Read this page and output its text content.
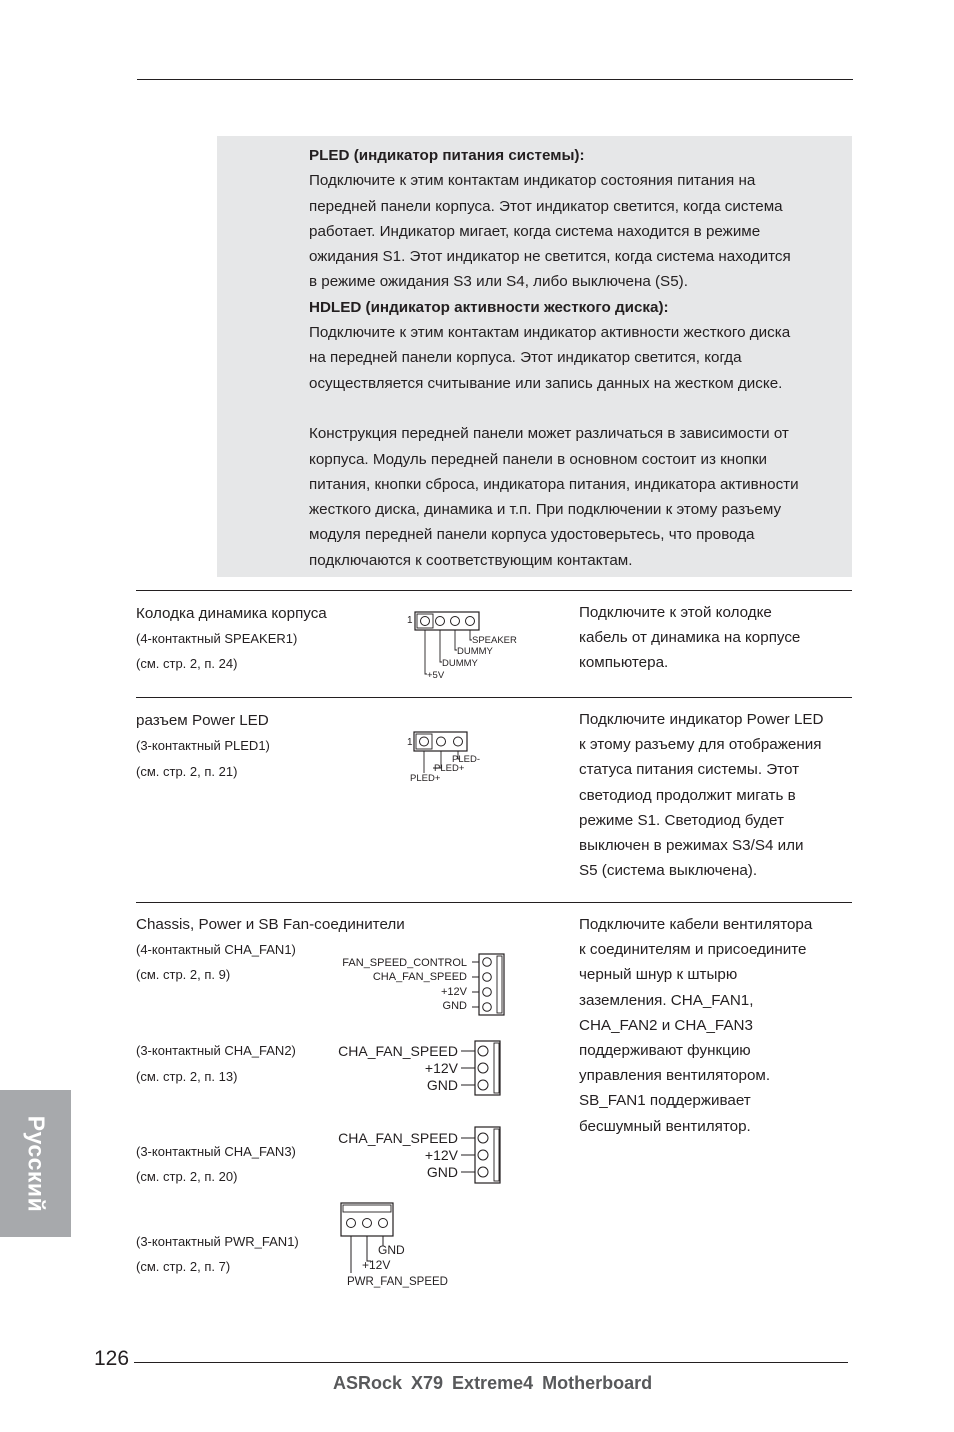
PLED (индикатор питания системы):

Подключите к этим контактам индикатор состояния питания на

передней панели корпуса. Этот индикатор светится, когда система

работает. Индикатор мигает, когда система находится в режиме

ожидания S1. Этот индикатор не светится, когда система находится

в режиме ожидания S3 или S4, либо выключена (S5).

HDLED (индикатор активности жесткого диска):

Подключите к этим контактам индикатор активности жесткого диска

на передней панели корпуса. Этот индикатор светится, когда

осуществляется считывание или запись данных на жестком диске.

Конструкция передней панели может различаться в зависимости от

корпуса. Модуль передней панели в основном состоит из кнопки

питания, кнопки сброса, индикатора питания, индикатора активности

жесткого диска, динамика и т.п. При подключении к этому разъему

модуля передней панели корпуса удостоверьтесь, что провода

подключаются к соответствующим контактам.

Колодка динамика корпуса
(4-контактный SPEAKER1)
(см. стр. 2, п. 24)
1
SPEAKER
DUMMY
DUMMY
+5V

Подключите к этой колодке

кабель от динамика на корпусе

компьютера.

разъем Power LED
(3-контактный PLED1)
(см. стр. 2, п. 21)
1
PLED-
PLED+
PLED+

Подключите индикатор Power LED

к этому разъему для отображения

статуса питания системы. Этот

светодиод продолжит мигать в

режиме S1. Светодиод будет

выключен в режимах S3/S4 или

S5 (система выключена).

Chassis, Power и SB Fan-соединители
(4-контактный CHA_FAN1)
(см. стр. 2, п. 9)
FAN_SPEED_CONTROL
CHA_FAN_SPEED
+12V
GND
(3-контактный CHA_FAN2)
(см. стр. 2, п. 13)
CHA_FAN_SPEED
+12V
GND
(3-контактный CHA_FAN3)
(см. стр. 2, п. 20)
CHA_FAN_SPEED
+12V
GND
(3-контактный PWR_FAN1)
(см. стр. 2, п. 7)
GND
+12V
PWR_FAN_SPEED

Подключите кабели вентилятора

к соединителям и присоедините

черный шнур к штырю

заземления. CHA_FAN1,

CHA_FAN2 и CHA_FAN3

поддерживают функцию

управления вентилятором.

SB_FAN1 поддерживает

бесшумный вентилятор.

Русский
126
ASRock X79 Extreme4 Motherboard
